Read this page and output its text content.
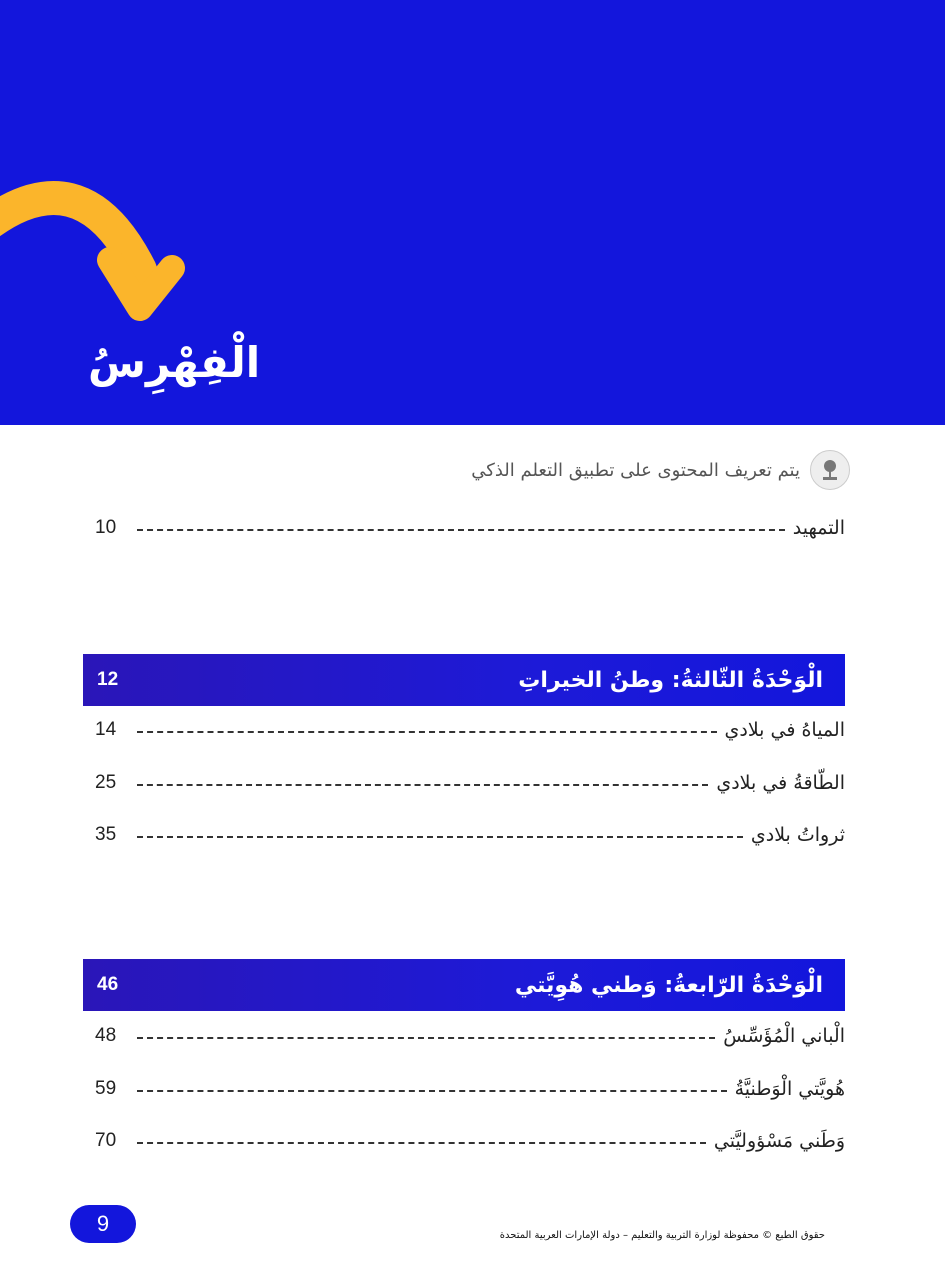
الْفِهْرِسُ
يتم تعريف المحتوى على تطبيق التعلم الذكي
10	التمهيد
12	الْوَحْدَةُ الثّالثةُ: وطنُ الخيراتِ
14	المياهُ في بلادي
25	الطّاقةُ في بلادي
35	ثرواتُ بلادي
46	الْوَحْدَةُ الرّابعةُ: وَطني هُوِيَّتي
48	الْباني الْمُؤَسِّسُ
59	هُويَّتي الْوَطنيَّةُ
70	وَطَني مَسْؤوليَّتي
9	حقوق الطبع © محفوظة لوزارة التربية والتعليم – دولة الإمارات العربية المتحدة
